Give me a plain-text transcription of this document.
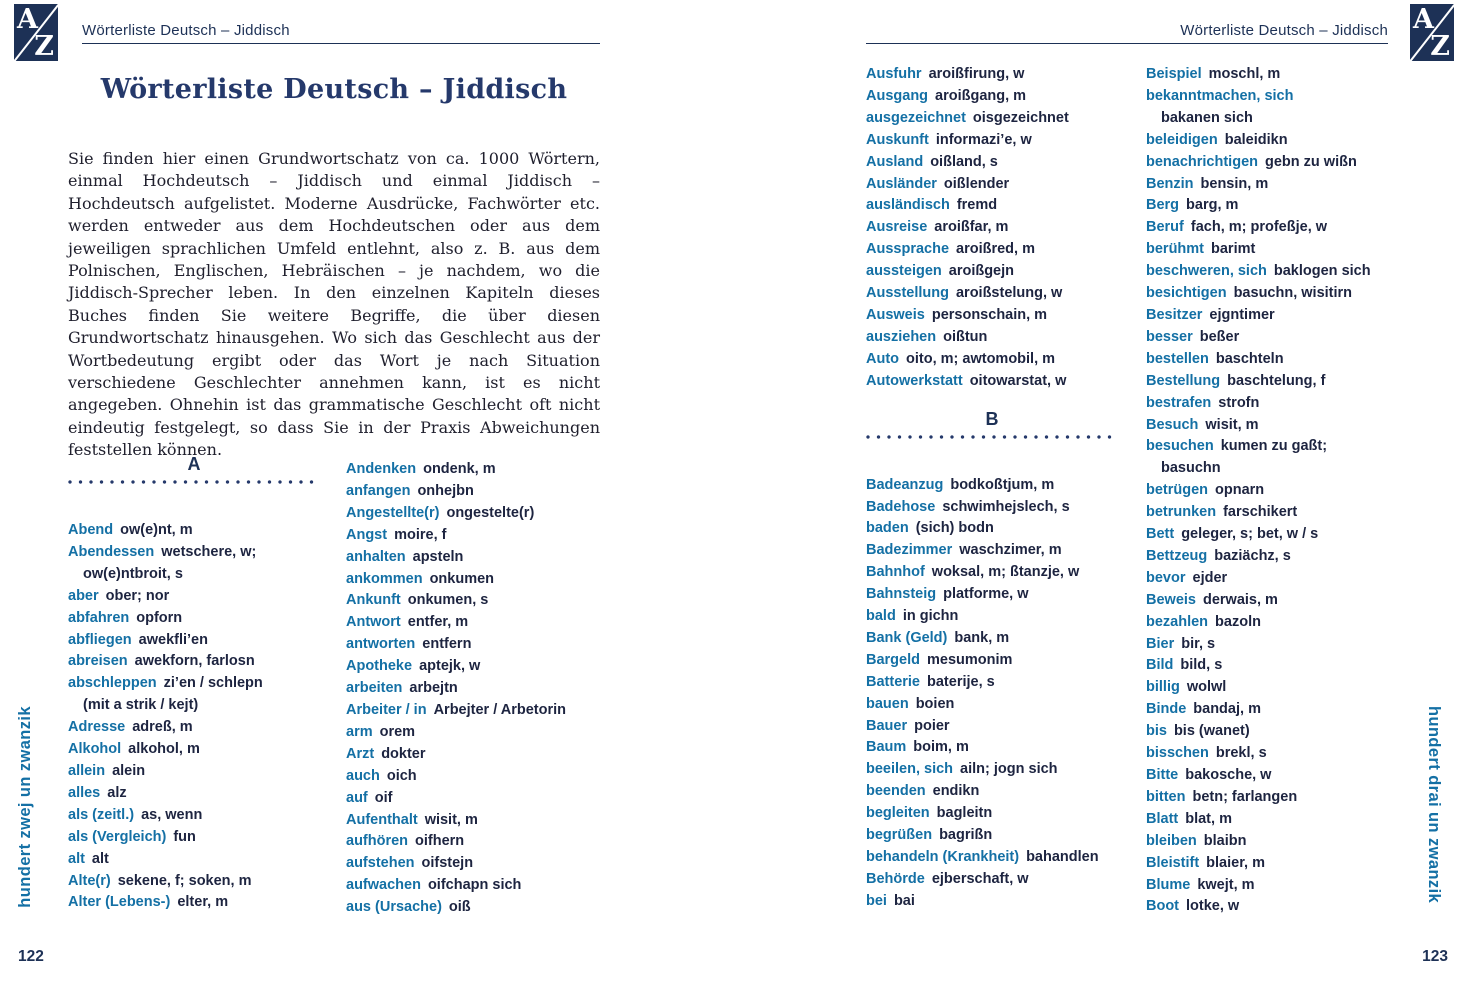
A
Z
Wörterliste Deutsch – Jiddisch	Wörterliste Deutsch – Jiddisch A
Z
Wörterliste Deutsch – Jiddisch
Sie finden hier einen Grundwortschatz von ca. 1000 Wörtern, einmal Hochdeutsch – Jiddisch und einmal Jiddisch – Hochdeutsch aufgelistet. Moderne Ausdrücke, Fachwörter etc. werden entweder aus dem Hochdeutschen oder aus dem jeweiligen sprachlichen Umfeld entlehnt, also z. B. aus dem Polnischen, Englischen, Hebräischen – je nachdem, wo die Jiddisch-Sprecher leben. In den einzelnen Kapiteln dieses Buches finden Sie weitere Begriffe, die über diesen Grundwortschatz hinausgehen. Wo sich das Geschlecht aus der Wortbedeutung ergibt oder das Wort je nach Situation verschiedene Geschlechter annehmen kann, ist es nicht angegeben. Ohnehin ist das grammatische Geschlecht oft nicht eindeutig festgelegt, so dass Sie in der Praxis Abweichungen feststellen können.
A
Abend ow(e)nt, m
Abendessen wetschere, w;
ow(e)ntbroit, s
aber ober; nor
abfahren opforn
abfliegen awekfli’en
abreisen awekforn, farlosn
abschleppen zi’en / schlepn
(mit a strik / kejt)
Adresse adreß, m
Alkohol alkohol, m
allein alein
alles alz
als (zeitl.) as, wenn
als (Vergleich) fun
alt alt
Alte(r) sekene, f; soken, m
Alter (Lebens-) elter, m
Andenken ondenk, m
anfangen onhejbn
Angestellte(r) ongestelte(r)
Angst moire, f
anhalten apsteln
ankommen onkumen
Ankunft onkumen, s
Antwort entfer, m
antworten entfern
Apotheke aptejk, w
arbeiten arbejtn
Arbeiter / in Arbejter / Arbetorin
arm orem
Arzt dokter
auch oich
auf oif
Aufenthalt wisit, m
aufhören oifhern
aufstehen oifstejn
aufwachen oifchapn sich
aus (Ursache) oiß
hundert zwej un zwanzik
122
Ausfuhr aroißfirung, w
Ausgang aroißgang, m
ausgezeichnet oisgezeichnet
Auskunft informazi’e, w
Ausland oißland, s
Ausländer oißlender
ausländisch fremd
Ausreise aroißfar, m
Aussprache aroißred, m
aussteigen aroißgejn
Ausstellung aroißstelung, w
Ausweis personschain, m
ausziehen oißtun
Auto oito, m; awtomobil, m
Autowerkstatt oitowarstat, w
B
Badeanzug bodkoßtjum, m
Badehose schwimhejslech, s
baden (sich) bodn
Badezimmer waschzimer, m
Bahnhof woksal, m; ßtanzje, w
Bahnsteig platforme, w
bald in gichn
Bank (Geld) bank, m
Bargeld mesumonim
Batterie baterije, s
bauen boien
Bauer poier
Baum boim, m
beeilen, sich ailn; jogn sich
beenden endikn
begleiten bagleitn
begrüßen bagrißn
behandeln (Krankheit) bahandlen
Behörde ejberschaft, w
bei bai
Beispiel moschl, m
bekanntmachen, sich
bakanen sich
beleidigen baleidikn
benachrichtigen gebn zu wißn
Benzin bensin, m
Berg barg, m
Beruf fach, m; profeßje, w
berühmt barimt
beschweren, sich baklogen sich
besichtigen basuchn, wisitirn
Besitzer ejgntimer
besser beßer
bestellen baschteln
Bestellung baschtelung, f
bestrafen strofn
Besuch wisit, m
besuchen kumen zu gaßt;
basuchn
betrügen opnarn
betrunken farschikert
Bett geleger, s; bet, w / s
Bettzeug baziächz, s
bevor ejder
Beweis derwais, m
bezahlen bazoln
Bier bir, s
Bild bild, s
billig wolwl
Binde bandaj, m
bis bis (wanet)
bisschen brekl, s
Bitte bakosche, w
bitten betn; farlangen
Blatt blat, m
bleiben blaibn
Bleistift blaier, m
Blume kwejt, m
Boot lotke, w
hundert drai un zwanzik
123
